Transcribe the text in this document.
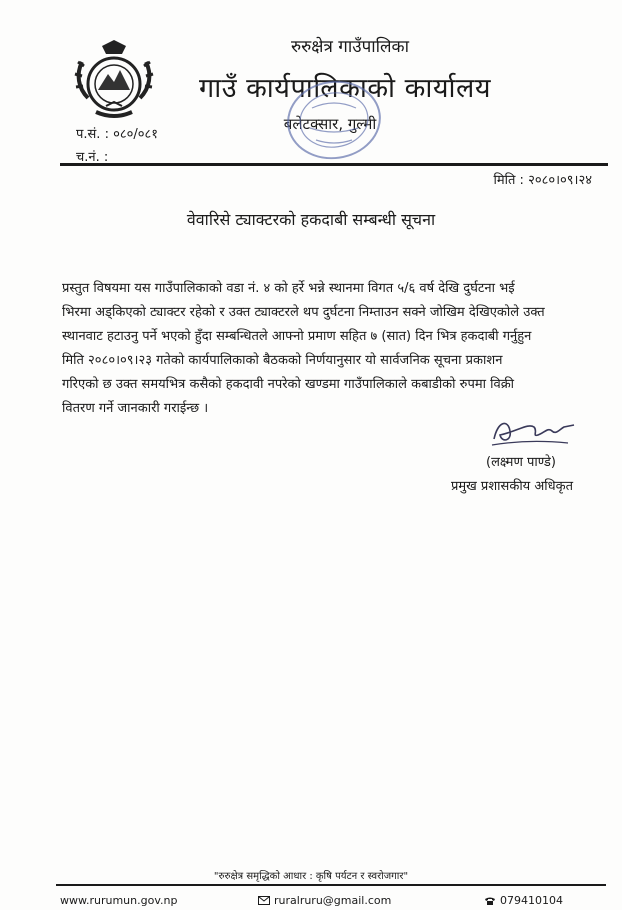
रुरुक्षेत्र गाउँपालिका
गाउँ कार्यपालिकाको कार्यालय
बलेटक्सार, गुल्मी
प.सं. : ०८०/०८१
च.नं. :
मिति : २०८०।०९।२४
वेवारिसे ट्याक्टरको हकदाबी सम्बन्धी सूचना
प्रस्तुत विषयमा यस गाउँपालिकाको वडा नं. ४ को हर्रे भन्ने स्थानमा विगत ५/६ वर्ष देखि दुर्घटना भई
भिरमा अड्किएको ट्याक्टर रहेको र उक्त ट्याक्टरले थप दुर्घटना निम्ताउन सक्ने जोखिम देखिएकोले उक्त
स्थानवाट हटाउनु पर्ने भएको हुँदा सम्बन्धितले आफ्नो प्रमाण सहित ७ (सात) दिन भित्र हकदाबी गर्नुहुन
मिति २०८०।०९।२३ गतेको कार्यपालिकाको बैठकको निर्णयानुसार यो सार्वजनिक सूचना प्रकाशन
गरिएको छ उक्त समयभित्र कसैको हकदावी नपरेको खण्डमा गाउँपालिकाले कबाडीको रुपमा विक्री
वितरण गर्ने जानकारी गराईन्छ ।
(लक्ष्मण पाण्डे)
प्रमुख प्रशासकीय अधिकृत
"रुरुक्षेत्र समृद्धिको आधार : कृषि पर्यटन र स्वरोजगार"
www.rurumun.gov.np	ruralruru@gmail.com	079410104
